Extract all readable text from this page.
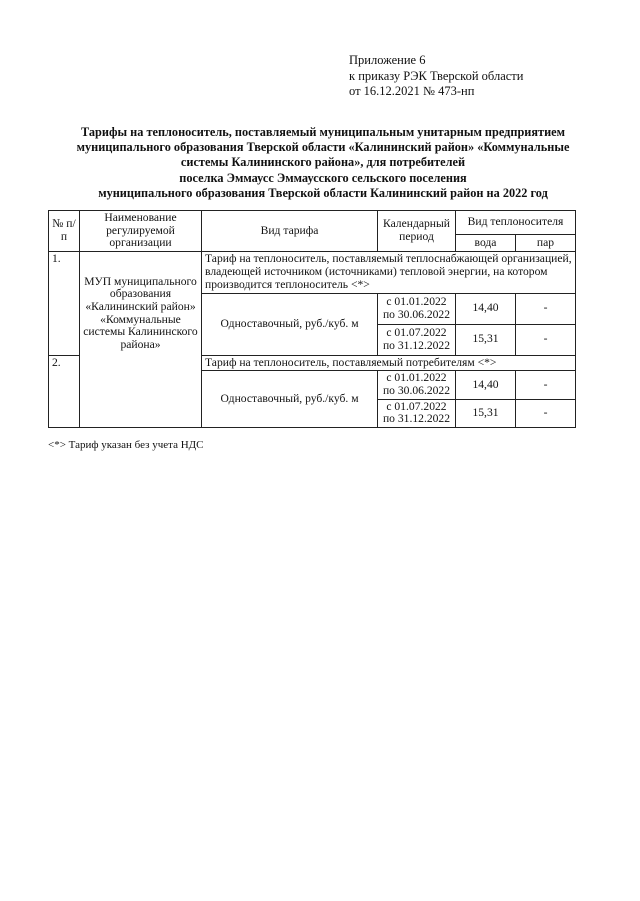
Приложение 6
к приказу РЭК Тверской области
от 16.12.2021 № 473-нп
Тарифы на теплоноситель, поставляемый муниципальным унитарным предприятием
муниципального образования Тверской области «Калининский район» «Коммунальные
системы Калининского района», для потребителей
поселка Эммаусс Эммаусского сельского поселения
муниципального образования Тверской области Калининский район на 2022 год
№ п/п	Наименование регулируемой организации	Вид тарифа	Календарный период	Вид теплоносителя	
				вода	пар
1.	МУП муниципального образования «Калининский район» «Коммунальные системы Калининского района»	Тариф на теплоноситель, поставляемый теплоснабжающей организацией, владеющей источником (источниками) тепловой энергии, на котором производится теплоноситель <*>			
		Одноставочный, руб./куб. м	с 01.01.2022 по 30.06.2022	14,40	-
			с 01.07.2022 по 31.12.2022	15,31	-
2.		Тариф на теплоноситель, поставляемый потребителям <*>			
		Одноставочный, руб./куб. м	с 01.01.2022 по 30.06.2022	14,40	-
			с 01.07.2022 по 31.12.2022	15,31	-

<*> Тариф указан без учета НДС
